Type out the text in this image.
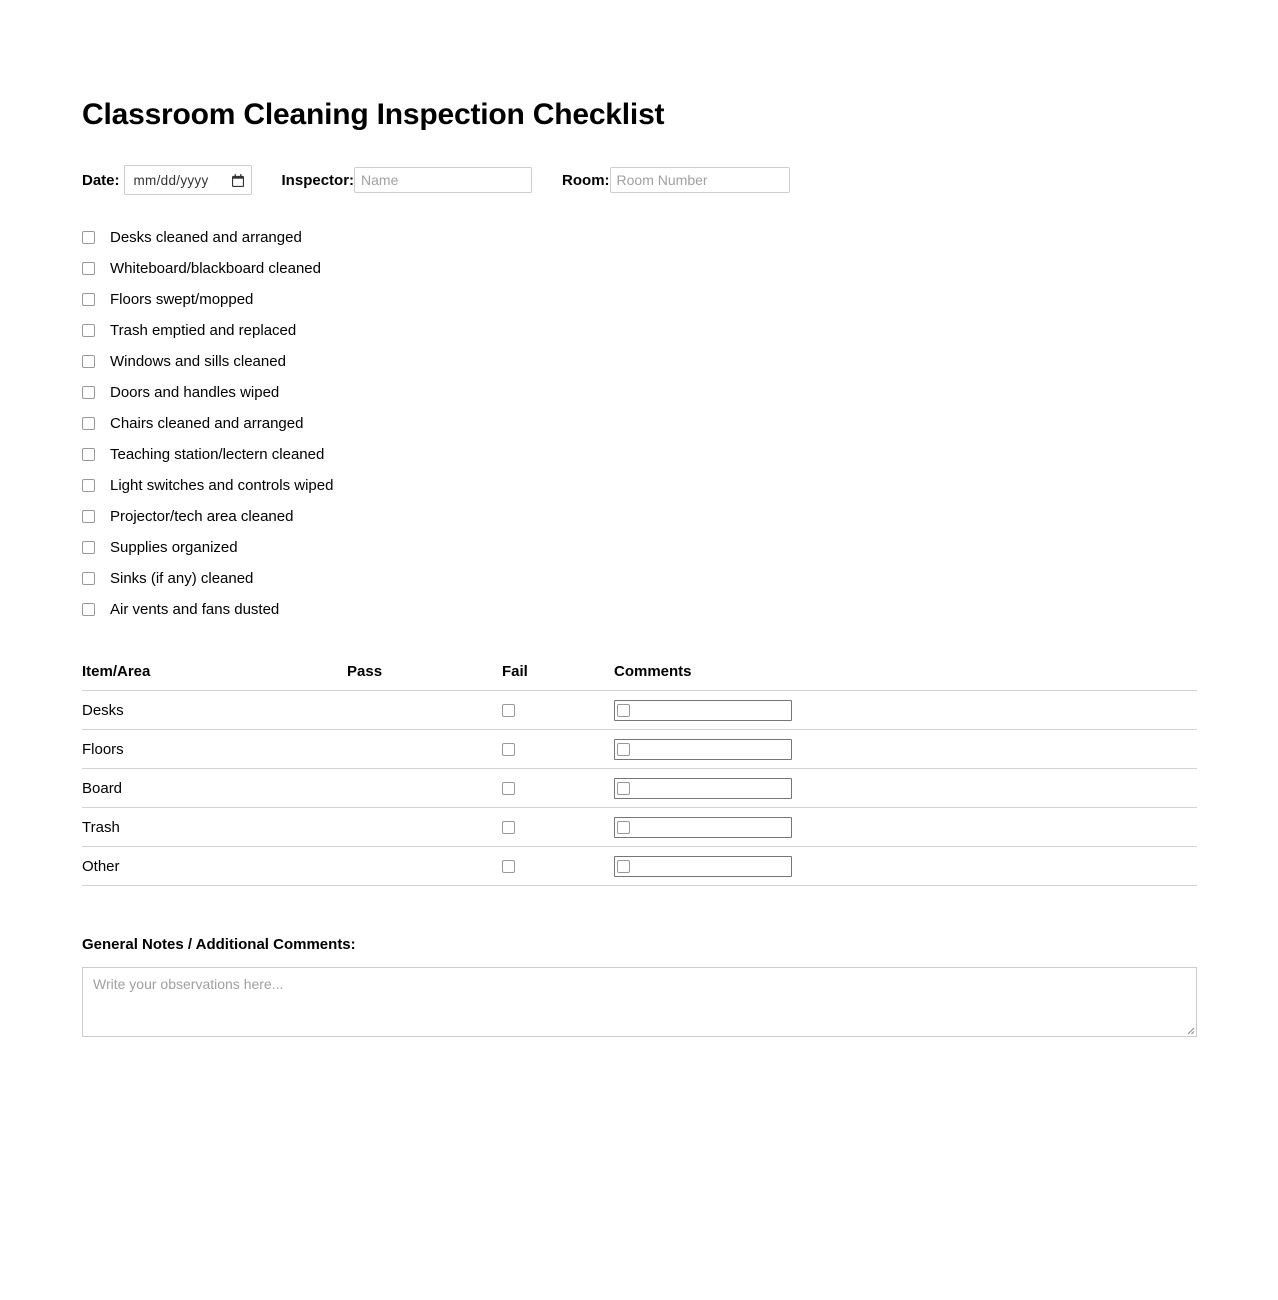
Classroom Cleaning Inspection Checklist
Date: mm/dd/yyyy	Inspector:
Name	Room:
Room Number
Desks cleaned and arranged
Whiteboard/blackboard cleaned
Floors swept/mopped
Trash emptied and replaced
Windows and sills cleaned
Doors and handles wiped
Chairs cleaned and arranged
Teaching station/lectern cleaned
Light switches and controls wiped
Projector/tech area cleaned
Supplies organized
Sinks (if any) cleaned
Air vents and fans dusted
Item/Area	Pass	Fail	Comments
Desks	

Floors	

Board	

Trash	

Other	

General Notes / Additional Comments:
Write your observations here...
